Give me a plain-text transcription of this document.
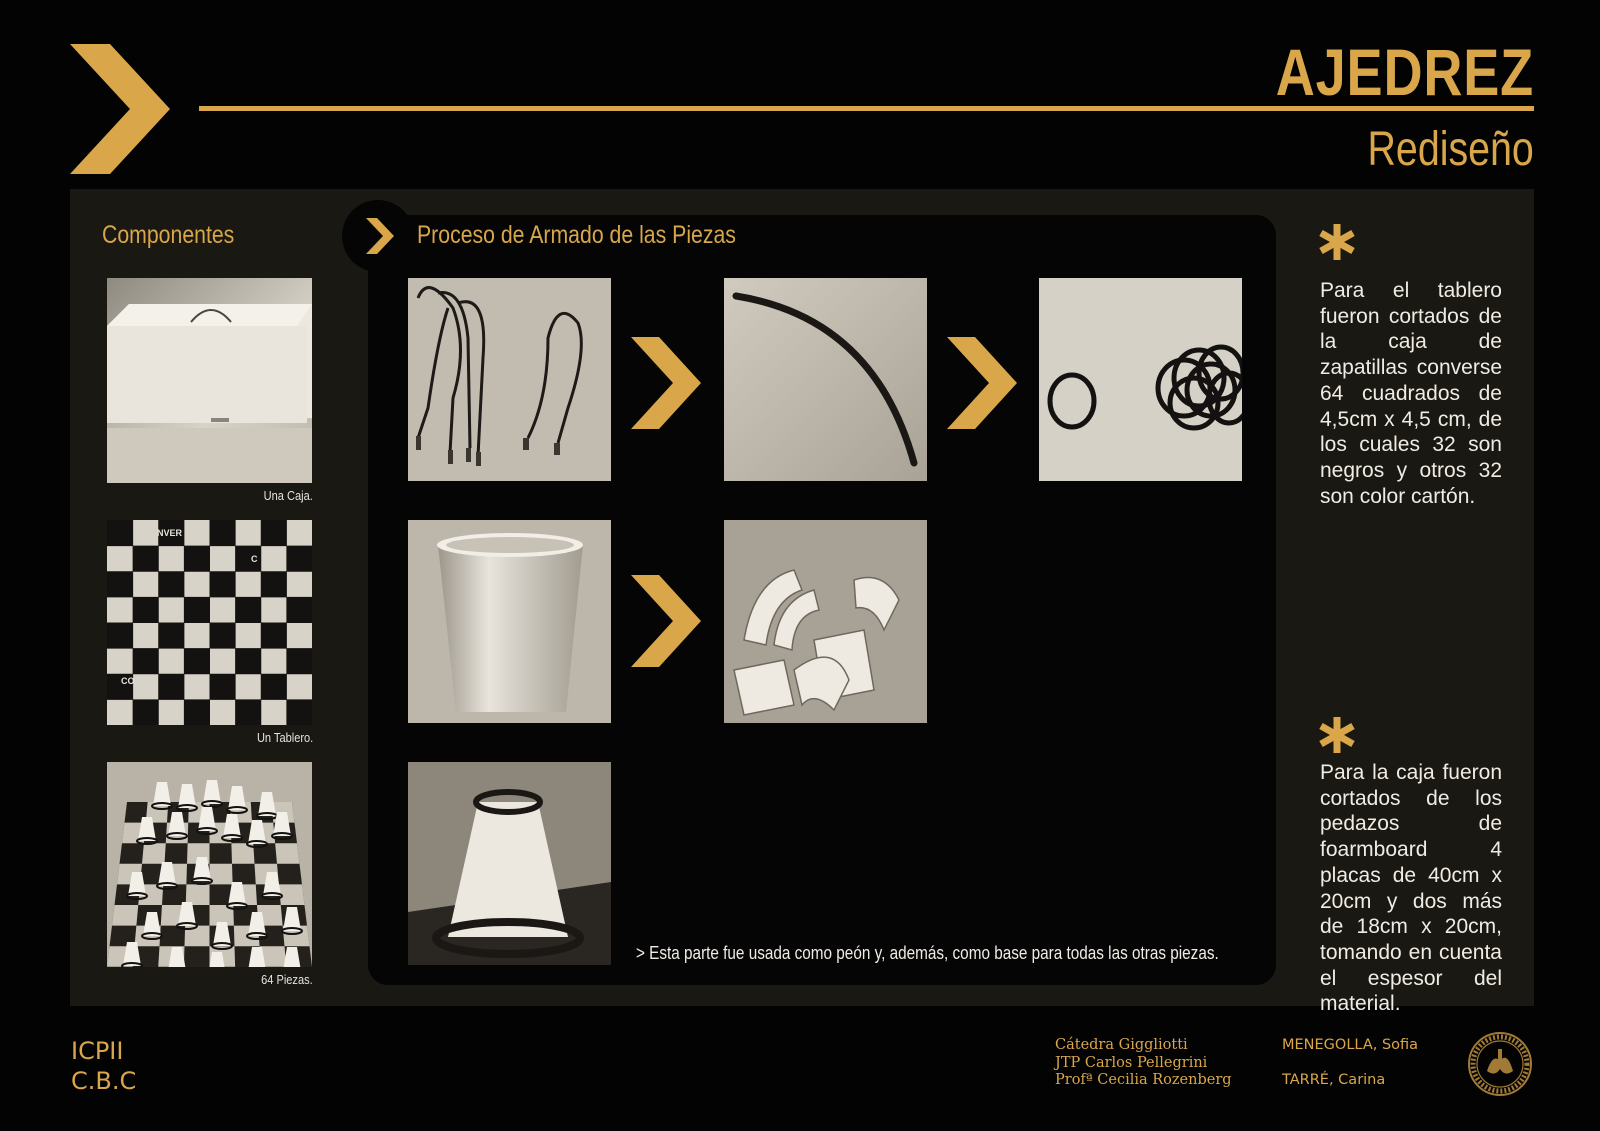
AJEDREZ
Rediseño
Componentes
Una Caja.
NVER
CO
C
Un Tablero.
64 Piezas.
Proceso de Armado de las Piezas
> Esta parte fue usada como peón y, además, como base para todas las otras piezas.
Para el tablero fueron cortados de la caja de zapatillas converse 64 cuadrados de 4,5cm x 4,5 cm, de los cuales 32 son negros y otros 32 son color cartón.
Para la caja fueron cortados de los pedazos de foarmboard 4 placas de 40cm x 20cm y dos más de 18cm x 20cm, tomando en cuenta el espesor del material.
ICPII
C.B.C
Cátedra Giggliotti
JTP Carlos Pellegrini
Profª Cecilia Rozenberg
MENEGOLLA, Sofia
TARRÉ, Carina
